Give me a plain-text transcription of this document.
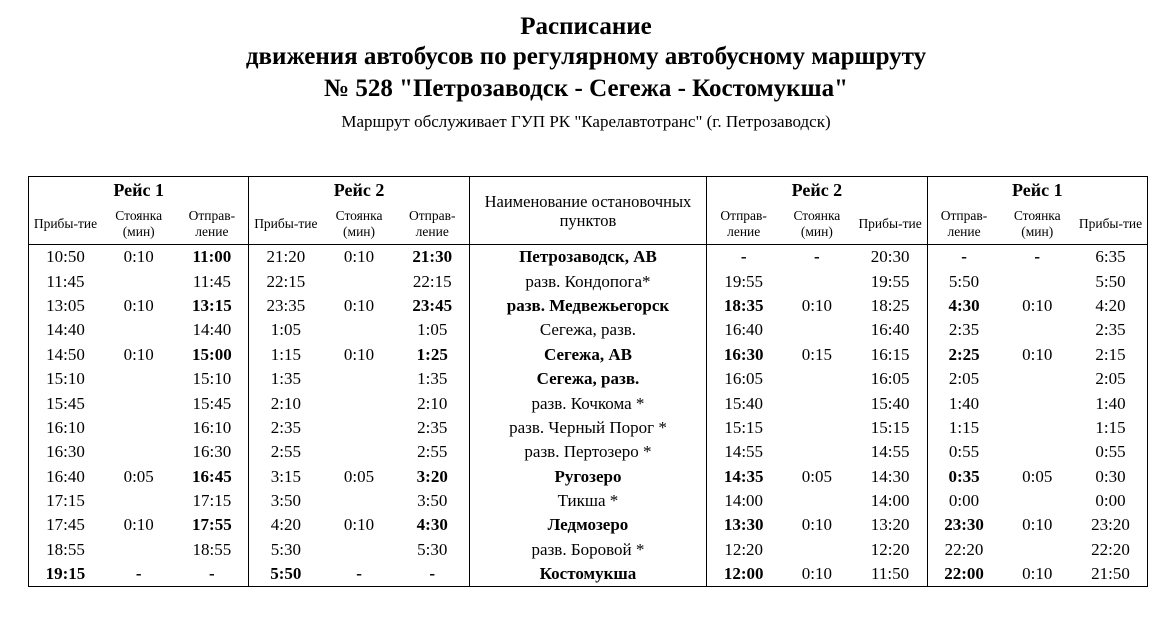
Расписание
движения автобусов по регулярному автобусному маршруту
№ 528 "Петрозаводск - Сегежа - Костомукша"
Маршрут обслуживает ГУП РК "Карелавтотранс" (г. Петрозаводск)
Рейс 1			Рейс 2			Наименование остановочных пунктов	Рейс 2			Рейс 1		
Прибы-тие	Стоянка (мин)	Отправ-ление	Прибы-тие	Стоянка (мин)	Отправ-ление		Отправ-ление	Стоянка (мин)	Прибы-тие	Отправ-ление	Стоянка (мин)	Прибы-тие
10:50	0:10	11:00	21:20	0:10	21:30	Петрозаводск, АВ	-	-	20:30	-	-	6:35
11:45		11:45	22:15		22:15	разв. Кондопога*	19:55		19:55	5:50		5:50
13:05	0:10	13:15	23:35	0:10	23:45	разв. Медвежьегорск	18:35	0:10	18:25	4:30	0:10	4:20
14:40		14:40	1:05		1:05	Сегежа, разв.	16:40		16:40	2:35		2:35
14:50	0:10	15:00	1:15	0:10	1:25	Сегежа, АВ	16:30	0:15	16:15	2:25	0:10	2:15
15:10		15:10	1:35		1:35	Сегежа, разв.	16:05		16:05	2:05		2:05
15:45		15:45	2:10		2:10	разв. Кочкома *	15:40		15:40	1:40		1:40
16:10		16:10	2:35		2:35	разв. Черный Порог *	15:15		15:15	1:15		1:15
16:30		16:30	2:55		2:55	разв. Пертозеро *	14:55		14:55	0:55		0:55
16:40	0:05	16:45	3:15	0:05	3:20	Ругозеро	14:35	0:05	14:30	0:35	0:05	0:30
17:15		17:15	3:50		3:50	Тикша *	14:00		14:00	0:00		0:00
17:45	0:10	17:55	4:20	0:10	4:30	Ледмозеро	13:30	0:10	13:20	23:30	0:10	23:20
18:55		18:55	5:30		5:30	разв. Боровой *	12:20		12:20	22:20		22:20
19:15	-	-	5:50	-	-	Костомукша	12:00	0:10	11:50	22:00	0:10	21:50
